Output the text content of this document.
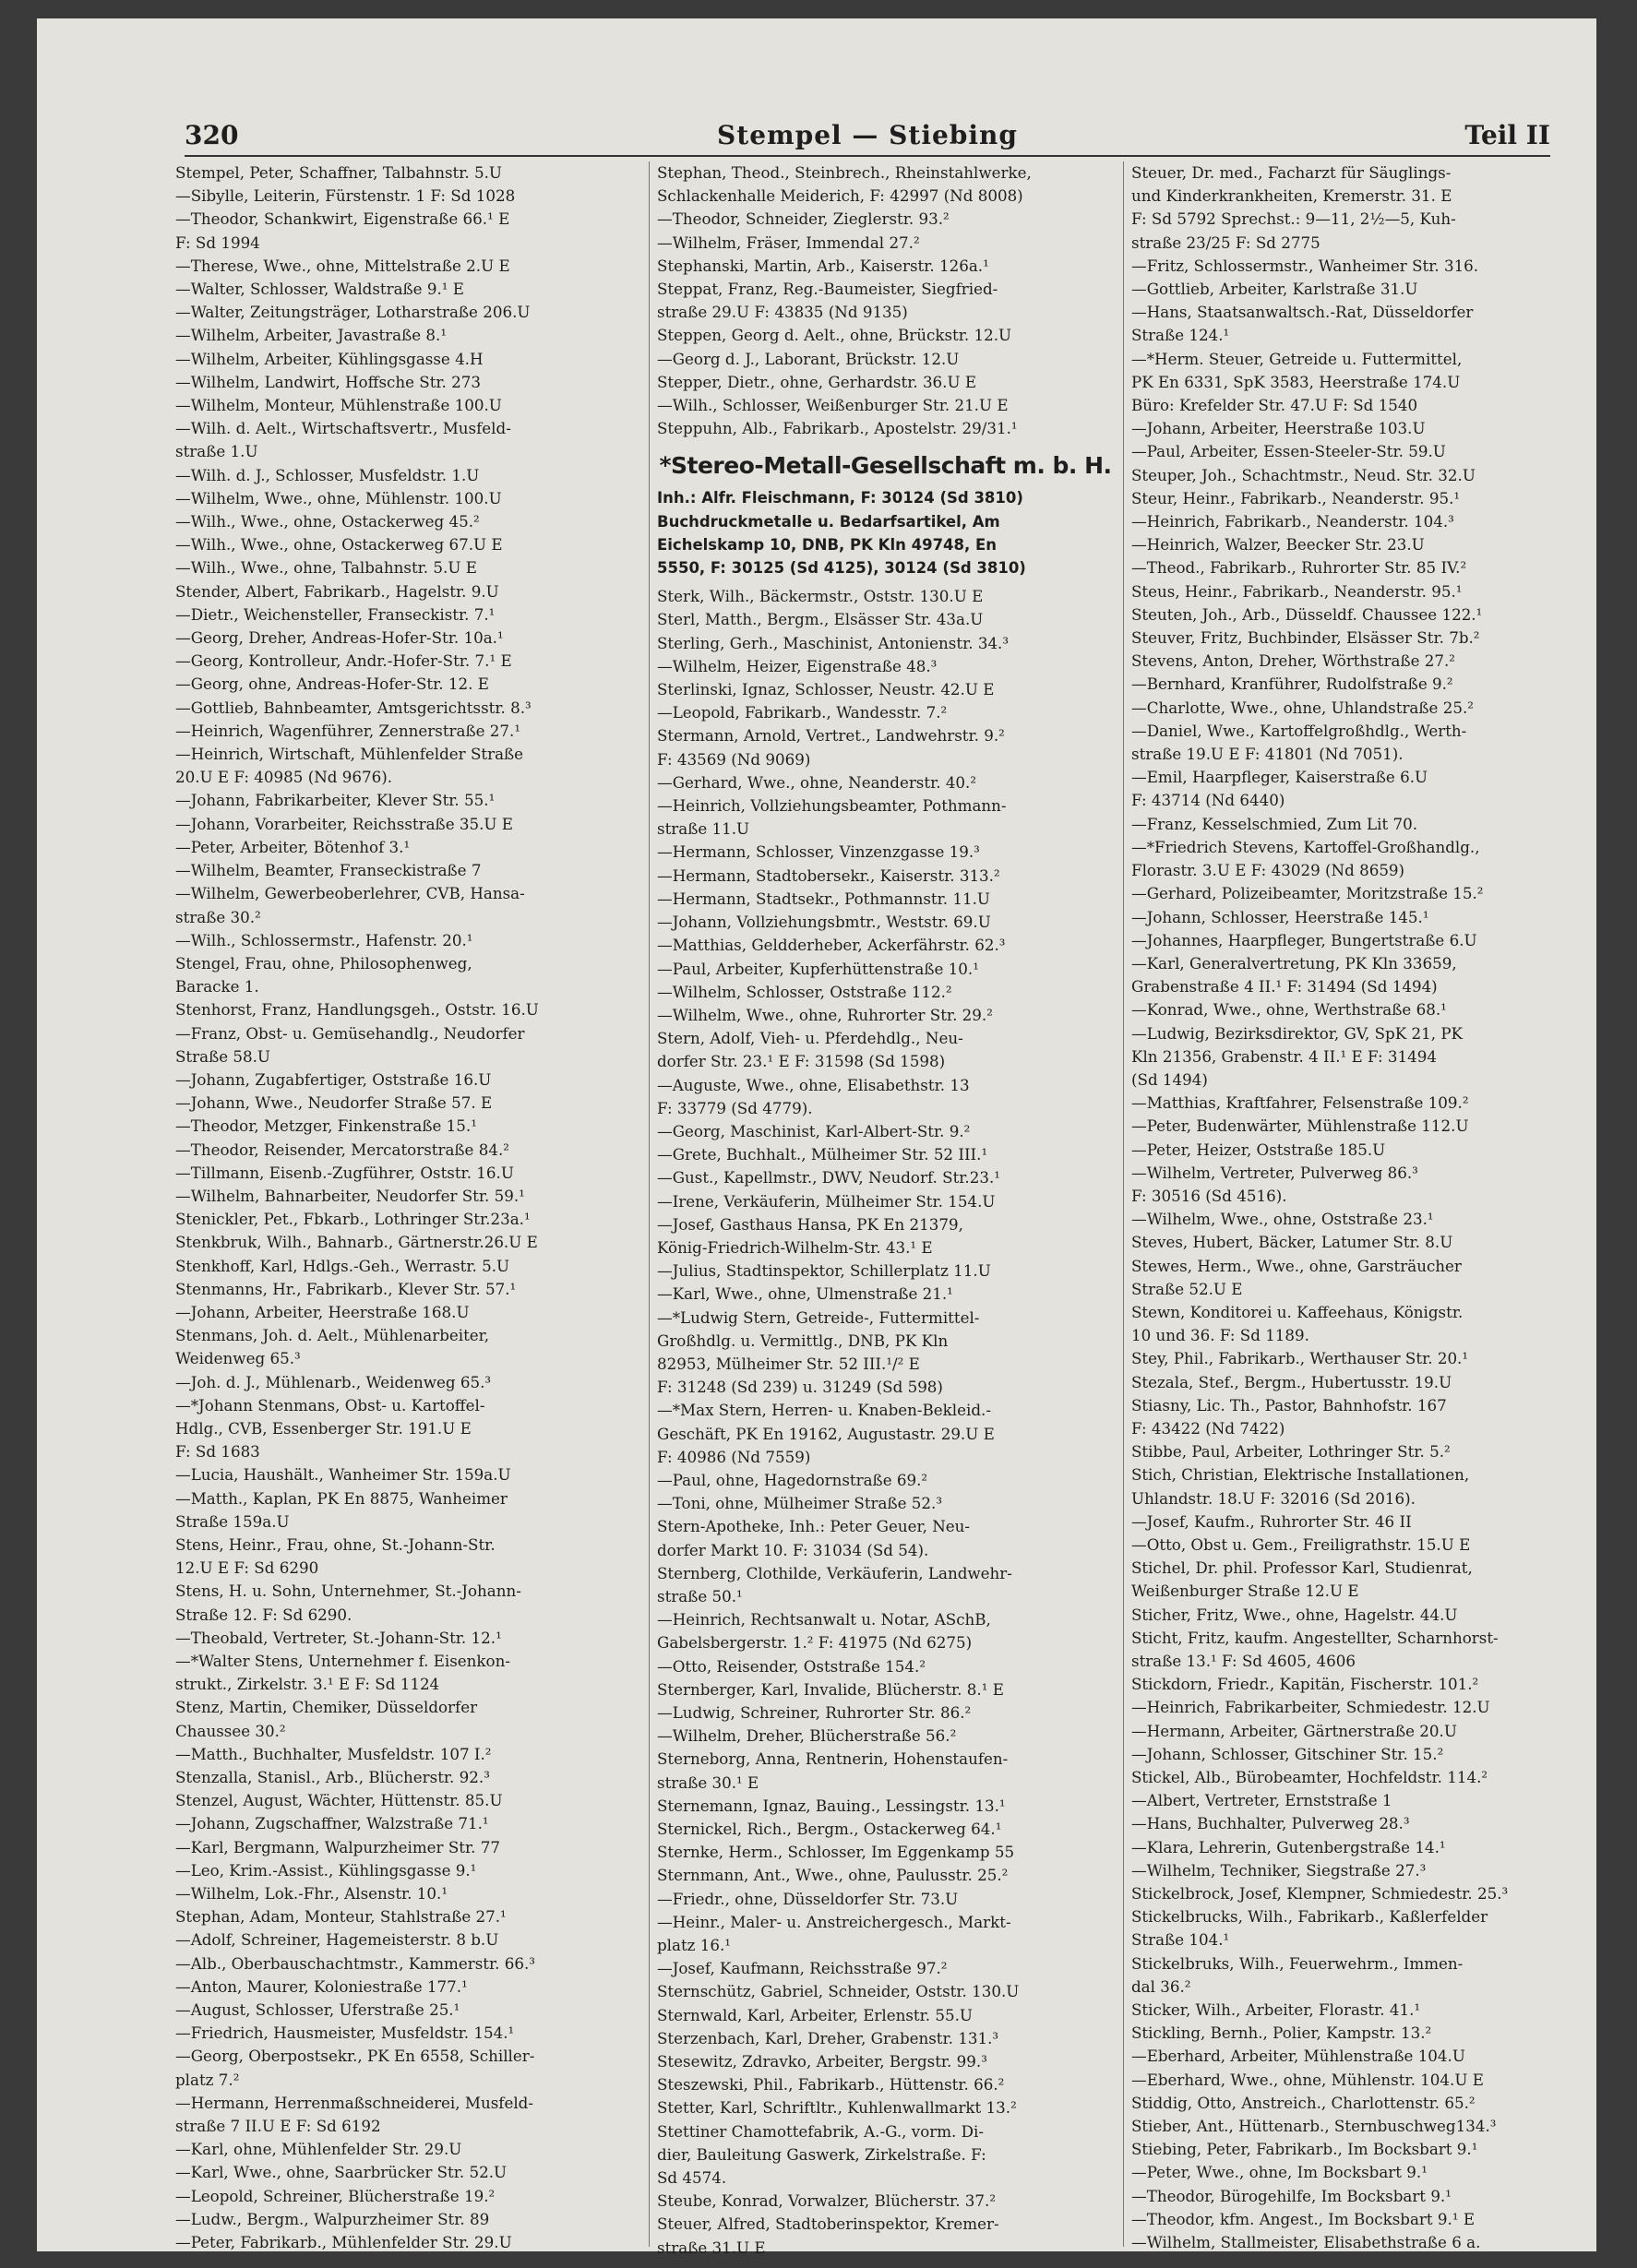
320	Stempel — Stiebing	Teil II
Stempel, Peter, Schaffner, Talbahnstr. 5.U
—Sibylle, Leiterin, Fürstenstr. 1 F: Sd 1028
—Theodor, Schankwirt, Eigenstraße 66.¹ E
F: Sd 1994
—Therese, Wwe., ohne, Mittelstraße 2.U E
—Walter, Schlosser, Waldstraße 9.¹ E
—Walter, Zeitungsträger, Lotharstraße 206.U
—Wilhelm, Arbeiter, Javastraße 8.¹
—Wilhelm, Arbeiter, Kühlingsgasse 4.H
—Wilhelm, Landwirt, Hoffsche Str. 273
—Wilhelm, Monteur, Mühlenstraße 100.U
—Wilh. d. Aelt., Wirtschaftsvertr., Musfeld-
straße 1.U
—Wilh. d. J., Schlosser, Musfeldstr. 1.U
—Wilhelm, Wwe., ohne, Mühlenstr. 100.U
—Wilh., Wwe., ohne, Ostackerweg 45.²
—Wilh., Wwe., ohne, Ostackerweg 67.U E
—Wilh., Wwe., ohne, Talbahnstr. 5.U E
Stender, Albert, Fabrikarb., Hagelstr. 9.U
—Dietr., Weichensteller, Franseckistr. 7.¹
—Georg, Dreher, Andreas-Hofer-Str. 10a.¹
—Georg, Kontrolleur, Andr.-Hofer-Str. 7.¹ E
—Georg, ohne, Andreas-Hofer-Str. 12. E
—Gottlieb, Bahnbeamter, Amtsgerichtsstr. 8.³
—Heinrich, Wagenführer, Zennerstraße 27.¹
—Heinrich, Wirtschaft, Mühlenfelder Straße
20.U E F: 40985 (Nd 9676).
—Johann, Fabrikarbeiter, Klever Str. 55.¹
—Johann, Vorarbeiter, Reichsstraße 35.U E
—Peter, Arbeiter, Bötenhof 3.¹
—Wilhelm, Beamter, Franseckistraße 7
—Wilhelm, Gewerbeoberlehrer, CVB, Hansa-
straße 30.²
—Wilh., Schlossermstr., Hafenstr. 20.¹
Stengel, Frau, ohne, Philosophenweg,
Baracke 1.
Stenhorst, Franz, Handlungsgeh., Oststr. 16.U
—Franz, Obst- u. Gemüsehandlg., Neudorfer
Straße 58.U
—Johann, Zugabfertiger, Oststraße 16.U
—Johann, Wwe., Neudorfer Straße 57. E
—Theodor, Metzger, Finkenstraße 15.¹
—Theodor, Reisender, Mercatorstraße 84.²
—Tillmann, Eisenb.-Zugführer, Oststr. 16.U
—Wilhelm, Bahnarbeiter, Neudorfer Str. 59.¹
Stenickler, Pet., Fbkarb., Lothringer Str.23a.¹
Stenkbruk, Wilh., Bahnarb., Gärtnerstr.26.U E
Stenkhoff, Karl, Hdlgs.-Geh., Werrastr. 5.U
Stenmanns, Hr., Fabrikarb., Klever Str. 57.¹
—Johann, Arbeiter, Heerstraße 168.U
Stenmans, Joh. d. Aelt., Mühlenarbeiter,
Weidenweg 65.³
—Joh. d. J., Mühlenarb., Weidenweg 65.³
—*Johann Stenmans, Obst- u. Kartoffel-
Hdlg., CVB, Essenberger Str. 191.U E
F: Sd 1683
—Lucia, Haushält., Wanheimer Str. 159a.U
—Matth., Kaplan, PK En 8875, Wanheimer
Straße 159a.U
Stens, Heinr., Frau, ohne, St.-Johann-Str.
12.U E F: Sd 6290
Stens, H. u. Sohn, Unternehmer, St.-Johann-
Straße 12. F: Sd 6290.
—Theobald, Vertreter, St.-Johann-Str. 12.¹
—*Walter Stens, Unternehmer f. Eisenkon-
strukt., Zirkelstr. 3.¹ E F: Sd 1124
Stenz, Martin, Chemiker, Düsseldorfer
Chaussee 30.²
—Matth., Buchhalter, Musfeldstr. 107 I.²
Stenzalla, Stanisl., Arb., Blücherstr. 92.³
Stenzel, August, Wächter, Hüttenstr. 85.U
—Johann, Zugschaffner, Walzstraße 71.¹
—Karl, Bergmann, Walpurzheimer Str. 77
—Leo, Krim.-Assist., Kühlingsgasse 9.¹
—Wilhelm, Lok.-Fhr., Alsenstr. 10.¹
Stephan, Adam, Monteur, Stahlstraße 27.¹
—Adolf, Schreiner, Hagemeisterstr. 8 b.U
—Alb., Oberbauschachtmstr., Kammerstr. 66.³
—Anton, Maurer, Koloniestraße 177.¹
—August, Schlosser, Uferstraße 25.¹
—Friedrich, Hausmeister, Musfeldstr. 154.¹
—Georg, Oberpostsekr., PK En 6558, Schiller-
platz 7.²
—Hermann, Herrenmaßschneiderei, Musfeld-
straße 7 II.U E F: Sd 6192
—Karl, ohne, Mühlenfelder Str. 29.U
—Karl, Wwe., ohne, Saarbrücker Str. 52.U
—Leopold, Schreiner, Blücherstraße 19.²
—Ludw., Bergm., Walpurzheimer Str. 89
—Peter, Fabrikarb., Mühlenfelder Str. 29.U
Stephan, Theod., Steinbrech., Rheinstahlwerke,
Schlackenhalle Meiderich, F: 42997 (Nd 8008)
—Theodor, Schneider, Zieglerstr. 93.²
—Wilhelm, Fräser, Immendal 27.²
Stephanski, Martin, Arb., Kaiserstr. 126a.¹
Steppat, Franz, Reg.-Baumeister, Siegfried-
straße 29.U F: 43835 (Nd 9135)
Steppen, Georg d. Aelt., ohne, Brückstr. 12.U
—Georg d. J., Laborant, Brückstr. 12.U
Stepper, Dietr., ohne, Gerhardstr. 36.U E
—Wilh., Schlosser, Weißenburger Str. 21.U E
Steppuhn, Alb., Fabrikarb., Apostelstr. 29/31.¹
*Stereo-Metall-Gesellschaft m. b. H.
Inh.: Alfr. Fleischmann, F: 30124 (Sd 3810)
Buchdruckmetalle u. Bedarfsartikel, Am
Eichelskamp 10, DNB, PK Kln 49748, En
5550, F: 30125 (Sd 4125), 30124 (Sd 3810)
Sterk, Wilh., Bäckermstr., Oststr. 130.U E
Sterl, Matth., Bergm., Elsässer Str. 43a.U
Sterling, Gerh., Maschinist, Antonienstr. 34.³
—Wilhelm, Heizer, Eigenstraße 48.³
Sterlinski, Ignaz, Schlosser, Neustr. 42.U E
—Leopold, Fabrikarb., Wandesstr. 7.²
Stermann, Arnold, Vertret., Landwehrstr. 9.²
F: 43569 (Nd 9069)
—Gerhard, Wwe., ohne, Neanderstr. 40.²
—Heinrich, Vollziehungsbeamter, Pothmann-
straße 11.U
—Hermann, Schlosser, Vinzenzgasse 19.³
—Hermann, Stadtobersekr., Kaiserstr. 313.²
—Hermann, Stadtsekr., Pothmannstr. 11.U
—Johann, Vollziehungsbmtr., Weststr. 69.U
—Matthias, Geldderheber, Ackerfährstr. 62.³
—Paul, Arbeiter, Kupferhüttenstraße 10.¹
—Wilhelm, Schlosser, Oststraße 112.²
—Wilhelm, Wwe., ohne, Ruhrorter Str. 29.²
Stern, Adolf, Vieh- u. Pferdehdlg., Neu-
dorfer Str. 23.¹ E F: 31598 (Sd 1598)
—Auguste, Wwe., ohne, Elisabethstr. 13
F: 33779 (Sd 4779).
—Georg, Maschinist, Karl-Albert-Str. 9.²
—Grete, Buchhalt., Mülheimer Str. 52 III.¹
—Gust., Kapellmstr., DWV, Neudorf. Str.23.¹
—Irene, Verkäuferin, Mülheimer Str. 154.U
—Josef, Gasthaus Hansa, PK En 21379,
König-Friedrich-Wilhelm-Str. 43.¹ E
—Julius, Stadtinspektor, Schillerplatz 11.U
—Karl, Wwe., ohne, Ulmenstraße 21.¹
—*Ludwig Stern, Getreide-, Futtermittel-
Großhdlg. u. Vermittlg., DNB, PK Kln
82953, Mülheimer Str. 52 III.¹/² E
F: 31248 (Sd 239) u. 31249 (Sd 598)
—*Max Stern, Herren- u. Knaben-Bekleid.-
Geschäft, PK En 19162, Augustastr. 29.U E
F: 40986 (Nd 7559)
—Paul, ohne, Hagedornstraße 69.²
—Toni, ohne, Mülheimer Straße 52.³
Stern-Apotheke, Inh.: Peter Geuer, Neu-
dorfer Markt 10. F: 31034 (Sd 54).
Sternberg, Clothilde, Verkäuferin, Landwehr-
straße 50.¹
—Heinrich, Rechtsanwalt u. Notar, ASchB,
Gabelsbergerstr. 1.² F: 41975 (Nd 6275)
—Otto, Reisender, Oststraße 154.²
Sternberger, Karl, Invalide, Blücherstr. 8.¹ E
—Ludwig, Schreiner, Ruhrorter Str. 86.²
—Wilhelm, Dreher, Blücherstraße 56.²
Sterneborg, Anna, Rentnerin, Hohenstaufen-
straße 30.¹ E
Sternemann, Ignaz, Bauing., Lessingstr. 13.¹
Sternickel, Rich., Bergm., Ostackerweg 64.¹
Sternke, Herm., Schlosser, Im Eggenkamp 55
Sternmann, Ant., Wwe., ohne, Paulusstr. 25.²
—Friedr., ohne, Düsseldorfer Str. 73.U
—Heinr., Maler- u. Anstreichergesch., Markt-
platz 16.¹
—Josef, Kaufmann, Reichsstraße 97.²
Sternschütz, Gabriel, Schneider, Oststr. 130.U
Sternwald, Karl, Arbeiter, Erlenstr. 55.U
Sterzenbach, Karl, Dreher, Grabenstr. 131.³
Stesewitz, Zdravko, Arbeiter, Bergstr. 99.³
Steszewski, Phil., Fabrikarb., Hüttenstr. 66.²
Stetter, Karl, Schriftltr., Kuhlenwallmarkt 13.²
Stettiner Chamottefabrik, A.-G., vorm. Di-
dier, Bauleitung Gaswerk, Zirkelstraße. F:
Sd 4574.
Steube, Konrad, Vorwalzer, Blücherstr. 37.²
Steuer, Alfred, Stadtoberinspektor, Kremer-
straße 31.U E
Steuer, Dr. med., Facharzt für Säuglings-
und Kinderkrankheiten, Kremerstr. 31. E
F: Sd 5792 Sprechst.: 9—11, 2½—5, Kuh-
straße 23/25 F: Sd 2775
—Fritz, Schlossermstr., Wanheimer Str. 316.
—Gottlieb, Arbeiter, Karlstraße 31.U
—Hans, Staatsanwaltsch.-Rat, Düsseldorfer
Straße 124.¹
—*Herm. Steuer, Getreide u. Futtermittel,
PK En 6331, SpK 3583, Heerstraße 174.U
Büro: Krefelder Str. 47.U F: Sd 1540
—Johann, Arbeiter, Heerstraße 103.U
—Paul, Arbeiter, Essen-Steeler-Str. 59.U
Steuper, Joh., Schachtmstr., Neud. Str. 32.U
Steur, Heinr., Fabrikarb., Neanderstr. 95.¹
—Heinrich, Fabrikarb., Neanderstr. 104.³
—Heinrich, Walzer, Beecker Str. 23.U
—Theod., Fabrikarb., Ruhrorter Str. 85 IV.²
Steus, Heinr., Fabrikarb., Neanderstr. 95.¹
Steuten, Joh., Arb., Düsseldf. Chaussee 122.¹
Steuver, Fritz, Buchbinder, Elsässer Str. 7b.²
Stevens, Anton, Dreher, Wörthstraße 27.²
—Bernhard, Kranführer, Rudolfstraße 9.²
—Charlotte, Wwe., ohne, Uhlandstraße 25.²
—Daniel, Wwe., Kartoffelgroßhdlg., Werth-
straße 19.U E F: 41801 (Nd 7051).
—Emil, Haarpfleger, Kaiserstraße 6.U
F: 43714 (Nd 6440)
—Franz, Kesselschmied, Zum Lit 70.
—*Friedrich Stevens, Kartoffel-Großhandlg.,
Florastr. 3.U E F: 43029 (Nd 8659)
—Gerhard, Polizeibeamter, Moritzstraße 15.²
—Johann, Schlosser, Heerstraße 145.¹
—Johannes, Haarpfleger, Bungertstraße 6.U
—Karl, Generalvertretung, PK Kln 33659,
Grabenstraße 4 II.¹ F: 31494 (Sd 1494)
—Konrad, Wwe., ohne, Werthstraße 68.¹
—Ludwig, Bezirksdirektor, GV, SpK 21, PK
Kln 21356, Grabenstr. 4 II.¹ E F: 31494
(Sd 1494)
—Matthias, Kraftfahrer, Felsenstraße 109.²
—Peter, Budenwärter, Mühlenstraße 112.U
—Peter, Heizer, Oststraße 185.U
—Wilhelm, Vertreter, Pulverweg 86.³
F: 30516 (Sd 4516).
—Wilhelm, Wwe., ohne, Oststraße 23.¹
Steves, Hubert, Bäcker, Latumer Str. 8.U
Stewes, Herm., Wwe., ohne, Garsträucher
Straße 52.U E
Stewn, Konditorei u. Kaffeehaus, Königstr.
10 und 36. F: Sd 1189.
Stey, Phil., Fabrikarb., Werthauser Str. 20.¹
Stezala, Stef., Bergm., Hubertusstr. 19.U
Stiasny, Lic. Th., Pastor, Bahnhofstr. 167
F: 43422 (Nd 7422)
Stibbe, Paul, Arbeiter, Lothringer Str. 5.²
Stich, Christian, Elektrische Installationen,
Uhlandstr. 18.U F: 32016 (Sd 2016).
—Josef, Kaufm., Ruhrorter Str. 46 II
—Otto, Obst u. Gem., Freiligrathstr. 15.U E
Stichel, Dr. phil. Professor Karl, Studienrat,
Weißenburger Straße 12.U E
Sticher, Fritz, Wwe., ohne, Hagelstr. 44.U
Sticht, Fritz, kaufm. Angestellter, Scharnhorst-
straße 13.¹ F: Sd 4605, 4606
Stickdorn, Friedr., Kapitän, Fischerstr. 101.²
—Heinrich, Fabrikarbeiter, Schmiedestr. 12.U
—Hermann, Arbeiter, Gärtnerstraße 20.U
—Johann, Schlosser, Gitschiner Str. 15.²
Stickel, Alb., Bürobeamter, Hochfeldstr. 114.²
—Albert, Vertreter, Ernststraße 1
—Hans, Buchhalter, Pulverweg 28.³
—Klara, Lehrerin, Gutenbergstraße 14.¹
—Wilhelm, Techniker, Siegstraße 27.³
Stickelbrock, Josef, Klempner, Schmiedestr. 25.³
Stickelbrucks, Wilh., Fabrikarb., Kaßlerfelder
Straße 104.¹
Stickelbruks, Wilh., Feuerwehrm., Immen-
dal 36.²
Sticker, Wilh., Arbeiter, Florastr. 41.¹
Stickling, Bernh., Polier, Kampstr. 13.²
—Eberhard, Arbeiter, Mühlenstraße 104.U
—Eberhard, Wwe., ohne, Mühlenstr. 104.U E
Stiddig, Otto, Anstreich., Charlottenstr. 65.²
Stieber, Ant., Hüttenarb., Sternbuschweg134.³
Stiebing, Peter, Fabrikarb., Im Bocksbart 9.¹
—Peter, Wwe., ohne, Im Bocksbart 9.¹
—Theodor, Bürogehilfe, Im Bocksbart 9.¹
—Theodor, kfm. Angest., Im Bocksbart 9.¹ E
—Wilhelm, Stallmeister, Elisabethstraße 6 a.
